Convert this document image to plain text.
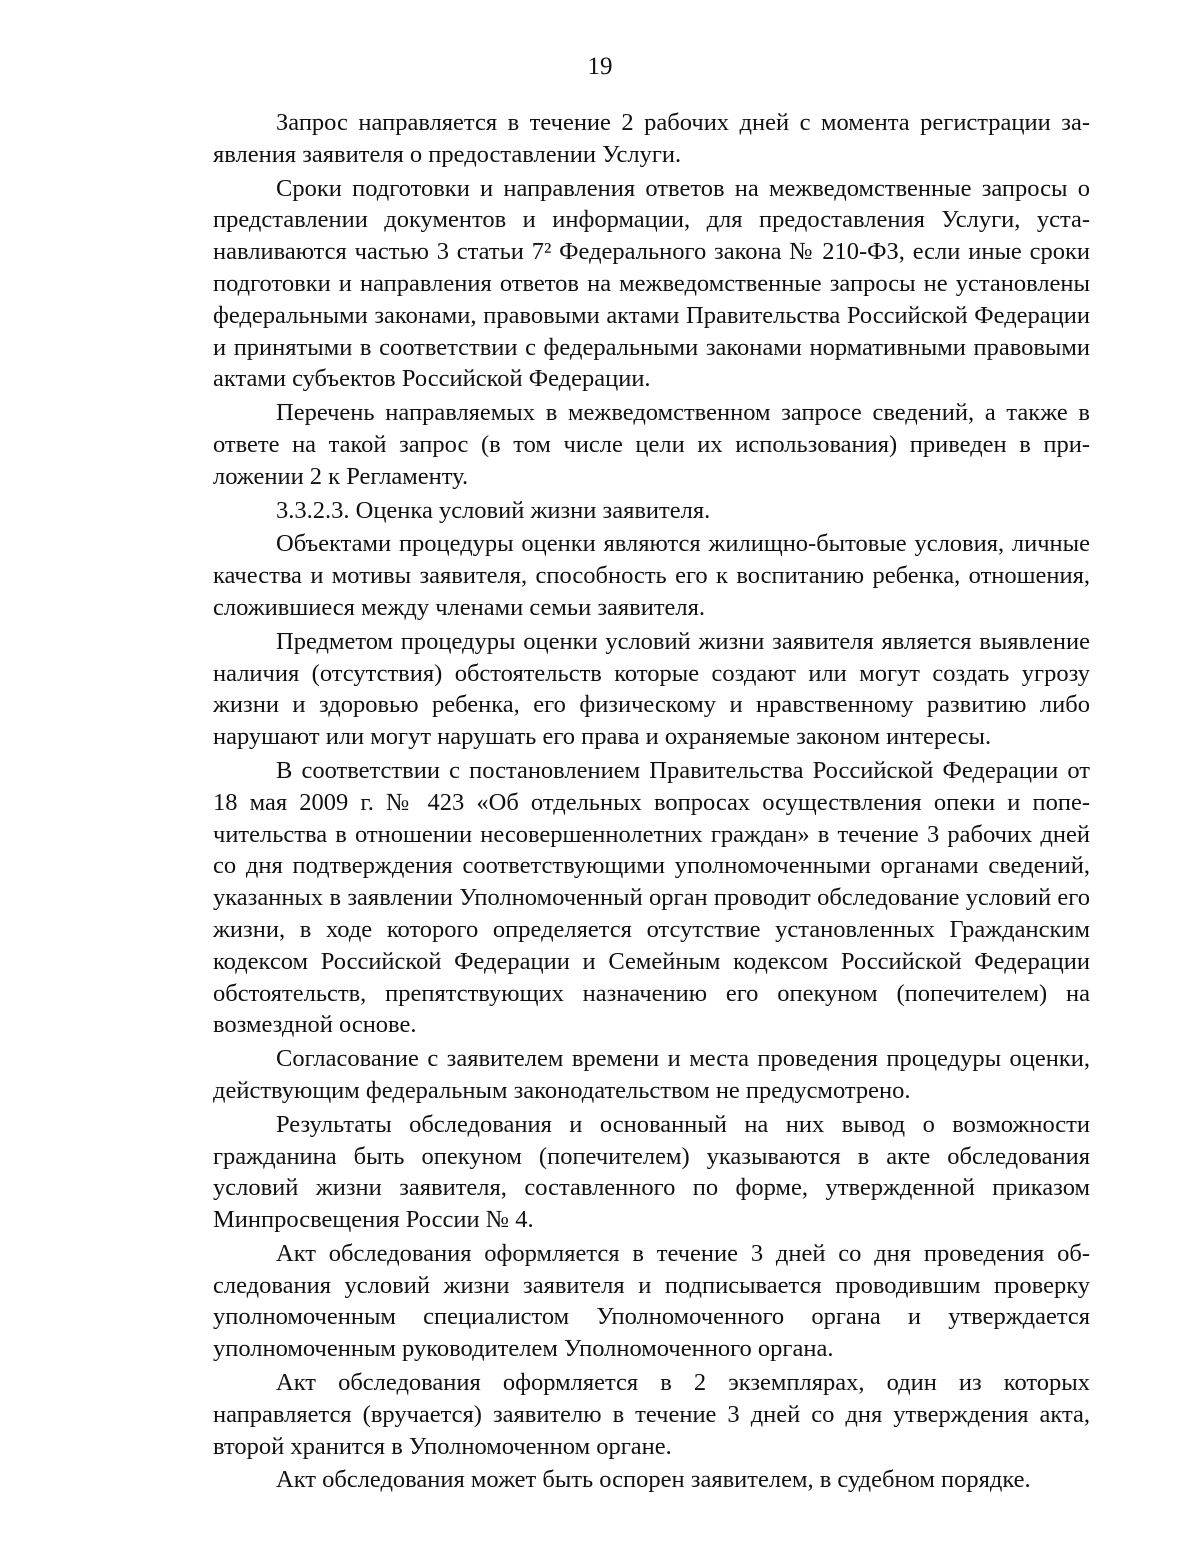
19

Запрос направляется в течение 2 рабочих дней с момента регистрации заявления заявителя о предоставлении Услуги.

Сроки подготовки и направления ответов на межведомственные запросы о представлении документов и информации, для предоставления Услуги, устанавливаются частью 3 статьи 7² Федерального закона № 210-ФЗ, если иные сроки подготовки и направления ответов на межведомственные запросы не установлены федеральными законами, правовыми актами Правительства Российской Федерации и принятыми в соответствии с федеральными законами нормативными правовыми актами субъектов Российской Федерации.

Перечень направляемых в межведомственном запросе сведений, а также в ответе на такой запрос (в том числе цели их использования) приведен в приложении 2 к Регламенту.

3.3.2.3. Оценка условий жизни заявителя.

Объектами процедуры оценки являются жилищно-бытовые условия, личные качества и мотивы заявителя, способность его к воспитанию ребенка, отношения, сложившиеся между членами семьи заявителя.

Предметом процедуры оценки условий жизни заявителя является выявление наличия (отсутствия) обстоятельств которые создают или могут создать угрозу жизни и здоровью ребенка, его физическому и нравственному развитию либо нарушают или могут нарушать его права и охраняемые законом интересы.

В соответствии с постановлением Правительства Российской Федерации от 18 мая 2009 г. № 423 «Об отдельных вопросах осуществления опеки и попечительства в отношении несовершеннолетних граждан» в течение 3 рабочих дней со дня подтверждения соответствующими уполномоченными органами сведений, указанных в заявлении Уполномоченный орган проводит обследование условий его жизни, в ходе которого определяется отсутствие установленных Гражданским кодексом Российской Федерации и Семейным кодексом Российской Федерации обстоятельств, препятствующих назначению его опекуном (попечителем) на возмездной основе.

Согласование с заявителем времени и места проведения процедуры оценки, действующим федеральным законодательством не предусмотрено.

Результаты обследования и основанный на них вывод о возможности гражданина быть опекуном (попечителем) указываются в акте обследования условий жизни заявителя, составленного по форме, утвержденной приказом Минпросвещения России № 4.

Акт обследования оформляется в течение 3 дней со дня проведения обследования условий жизни заявителя и подписывается проводившим проверку уполномоченным специалистом Уполномоченного органа и утверждается уполномоченным руководителем Уполномоченного органа.

Акт обследования оформляется в 2 экземплярах, один из которых направляется (вручается) заявителю в течение 3 дней со дня утверждения акта, второй хранится в Уполномоченном органе.

Акт обследования может быть оспорен заявителем, в судебном порядке.
